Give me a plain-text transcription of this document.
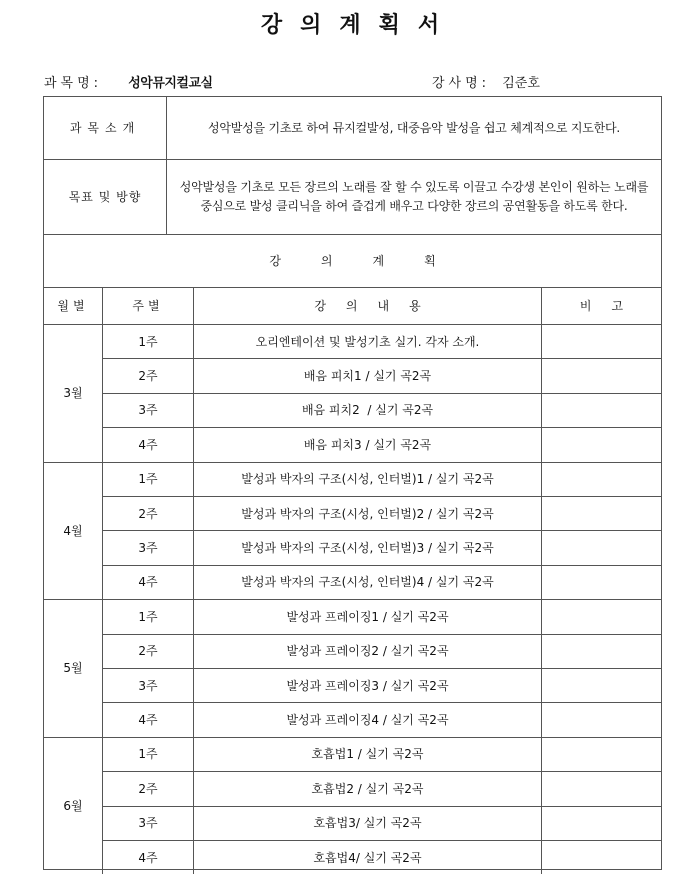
강의계획서
과목명: 성악뮤지컬교실	강사명: 김준호
과목소개	성악발성을 기초로 하여 뮤지컬발성, 대중음악 발성을 쉽고 체계적으로 지도한다.
목표 및 방향
성악발성을 기초로 모든 장르의 노래를 잘 할 수 있도록 이끌고 수강생 본인이 원하는 노래를 중심으로 발성 클리닉을 하여 즐겁게 배우고 다양한 장르의 공연활동을 하도록 한다.
강의계획
월별	주별	강의내용	비고
3월
1주	오리엔테이션 및 발성기초 실기. 각자 소개.
2주	배음 피치1 / 실기 곡2곡
3주	배음 피치2  / 실기 곡2곡
4주	배음 피치3 / 실기 곡2곡
4월
1주	발성과 박자의 구조(시성, 인터벌)1 / 실기 곡2곡
2주	발성과 박자의 구조(시성, 인터벌)2 / 실기 곡2곡
3주	발성과 박자의 구조(시성, 인터벌)3 / 실기 곡2곡
4주	발성과 박자의 구조(시성, 인터벌)4 / 실기 곡2곡
5월
1주	발성과 프레이징1 / 실기 곡2곡
2주	발성과 프레이징2 / 실기 곡2곡
3주	발성과 프레이징3 / 실기 곡2곡
4주	발성과 프레이징4 / 실기 곡2곡
6월
1주	호흡법1 / 실기 곡2곡
2주	호흡법2 / 실기 곡2곡
3주	호흡법3/ 실기 곡2곡
4주	호흡법4/ 실기 곡2곡
